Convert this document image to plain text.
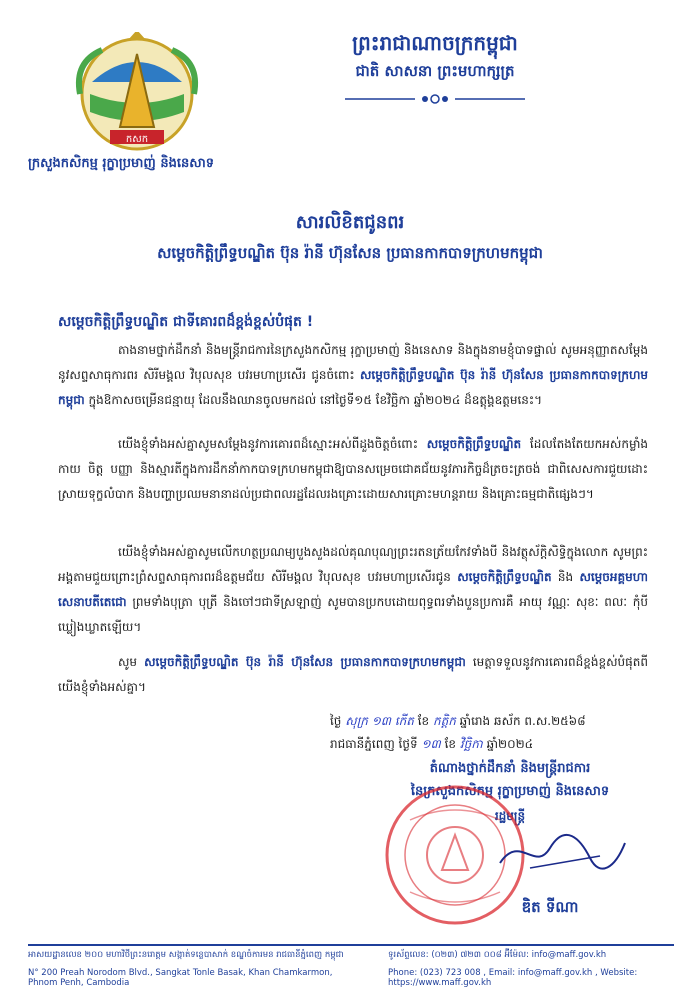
កសក
ក្រសួងកសិកម្ម រុក្ខាប្រមាញ់ និងនេសាទ
ព្រះរាជាណាចក្រកម្ពុជា
ជាតិ សាសនា ព្រះមហាក្សត្រ
សារលិខិតជូនពរ
សម្តេចកិត្តិព្រឹទ្ធបណ្ឌិត ប៊ុន រ៉ានី ហ៊ុនសែន ប្រធានកាកបាទក្រហមកម្ពុជា
សម្តេចកិត្តិព្រឹទ្ធបណ្ឌិត ជាទីគោរពដ៏ខ្ពង់ខ្ពស់បំផុត !
តាងនាមថ្នាក់ដឹកនាំ និងមន្រ្តីរាជការនៃក្រសួងកសិកម្ម រុក្ខាប្រមាញ់ និងនេសាទ និងក្នុងនាមខ្ញុំបាទផ្ទាល់ សូមអនុញ្ញាតសម្តែងនូវសព្ទសាធុការពរ សិរីមង្គល វិបុលសុខ បវរមហាប្រសើរ ជូនចំពោះ សម្តេចកិត្តិព្រឹទ្ធបណ្ឌិត ប៊ុន រ៉ានី ហ៊ុនសែន ប្រធានកាកបាទក្រហមកម្ពុជា ក្នុងឱកាសចម្រើនជន្មាយុ ដែលនឹងឈានចូលមកដល់ នៅថ្ងៃទី១៥ ខែវិច្ឆិកា ឆ្នាំ២០២៤ ដ៏ឧត្តុង្គឧត្តមនេះ។
យើងខ្ញុំទាំងអស់គ្នាសូមសម្តែងនូវការគោរពដ៏ស្មោះអស់ពីដួងចិត្តចំពោះ សម្តេចកិត្តិព្រឹទ្ធបណ្ឌិត ដែលតែងតែយកអស់កម្លាំងកាយ ចិត្ត បញ្ញា និងស្មារតីក្នុងការដឹកនាំកាកបាទក្រហមកម្ពុជាឱ្យបានសម្រេចជោគជ័យនូវភារកិច្ចដ៏ត្រចះត្រចង់ ជាពិសេសការជួយដោះស្រាយទុក្ខលំបាក និងបញ្ហាប្រឈមនានាដល់ប្រជាពលរដ្ឋដែលរងគ្រោះដោយសារគ្រោះមហន្តរាយ និងគ្រោះធម្មជាតិផ្សេងៗ។
យើងខ្ញុំទាំងអស់គ្នាសូមលើកហត្ថប្រណម្យបួងសួងដល់គុណបុណ្យព្រះរតនត្រ័យកែវទាំងបី និងវត្ថុស័ក្តិសិទ្ធិក្នុងលោក សូមព្រះអង្គតាមជួយព្រោះព្រំសព្ទសាធុការពរដ៏ឧត្តមជ័យ សិរីមង្គល វិបុលសុខ បវរមហាប្រសើរជូន សម្តេចកិត្តិព្រឹទ្ធបណ្ឌិត និង សម្តេចអគ្គមហាសេនាបតីតេជោ ព្រមទាំងបុត្រា បុត្រី និងចៅៗជាទីស្រឡាញ់ សូមបានប្រកបដោយពុទ្ធពរទាំងបួនប្រការគឺ អាយុ វណ្ណៈ សុខៈ ពលៈ កុំបីឃ្លៀងឃ្លាតឡើយ។
សូម សម្តេចកិត្តិព្រឹទ្ធបណ្ឌិត ប៊ុន រ៉ានី ហ៊ុនសែន ប្រធានកាកបាទក្រហមកម្ពុជា មេត្តាទទួលនូវការគោរពដ៏ខ្ពង់ខ្ពស់បំផុតពីយើងខ្ញុំទាំងអស់គ្នា។
ថ្ងៃ សុក្រ ១៣ កើត ខែ កត្តិក ឆ្នាំរោង ឆស័ក ព.ស.២៥៦៨
រាជធានីភ្នំពេញ ថ្ងៃទី ១៣ ខែ វិច្ឆិកា ឆ្នាំ២០២៤
តំណាងថ្នាក់ដឹកនាំ និងមន្រ្តីរាជការ
នៃក្រសួងកសិកម្ម រុក្ខាប្រមាញ់ និងនេសាទ
រដ្ឋមន្ត្រី
ឌិត ទីណា
អាសយដ្ឋានលេខ ២០០ មហាវិថីព្រះនរោត្តម សង្កាត់ទន្លេបាសាក់ ខណ្ឌចំការមន រាជធានីភ្នំពេញ កម្ពុជា
N° 200 Preah Norodom Blvd., Sangkat Tonle Basak, Khan Chamkarmon, Phnom Penh, Cambodia
ទូរស័ព្ទលេខ: (០២៣) ៧២៣ ០០៨ អ៊ីម៉ែល: info@maff.gov.kh
Phone: (023) 723 008 , Email: info@maff.gov.kh , Website: https://www.maff.gov.kh
